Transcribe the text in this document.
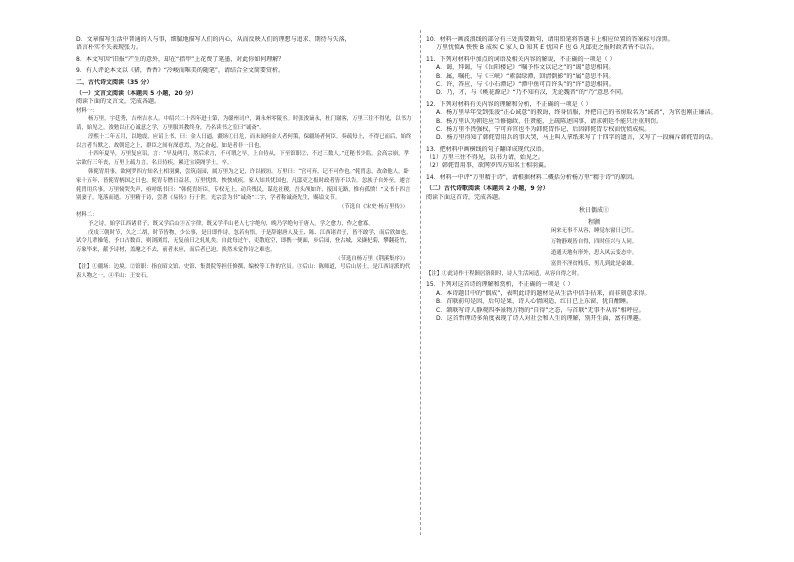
D．文章描写生活中普通的人与事，细腻地描写人们的内心，从而反映人们的理想与追求、期待与失落，
语言朴实不失表现张力。
8．本文写因“旧报”产生的意外，却在“指甲”上花费了笔墨，对此你如何理解？
9．有人评论本文以《猪，香香》“冷峻而唯美的随笔”，请结合全文简要赏析。
二、古代诗文阅读（35 分）
（一）文言文阅读（本题共 5 小题，20 分）
阅读下面的文言文，完成各题。
材料一：

杨万里，字廷秀，吉州吉水人。中绍兴二十四年进士第，为赣州司户，调永州零陵丞。时张浚谪永，杜门谢客，万里三往不得见，以书力请，始见之。浚勉以正心诚意之学，万里服其教终身，乃名读书之室曰“诚斋”。

淳熙十二年五月，以地震，应诏上书，曰：金人日逼，疆场①日危，而未闻何金人者何策，保疆场者何臣。奏疏每上，不得已而后，始终以言者当默之，故朝廷之上，群臣之间有深意焉，为之奋起，如是者非一日也。

十四年夏旱，万里复应诏，言：“旱及两月，然后求言，不可谓之早，上自侍从，下至馆职②，不过三数人。”迁秘书少监。会高宗崩，孝宗欲行三年丧，万里上疏力言，名日侍疾，累迁宝谟阁学士，卒。

韩侂胄用事，欲网罗四方知名士相羽翼，尝筑南园，属万里为之记，许以掖垣。万里曰：“官可弃，记不可作也。”侂胄恚，改命他人。卧家十五年，皆侂胄柄国之日也。侂胄专僭日益甚，万里忧愤，怏怏成疾。家人知其忧国也，凡邸吏之报时政者皆不以告。忽族子自外至，遽言侂胄用兵事。万里恸哭失声，亟呼纸书曰：“韩侂胄奸臣，专权无上，动兵残民，谋危社稷，吾头颅如许，报国无路，惟有孤愤！”又书十四言别妻子，笔落而逝。万里精于诗，尝著《易传》行于世。光宗尝为书“诚斋”二字，学者称诚斋先生，赐谥文节。

（节选自《宋史·杨万里传》）
材料二：

予之诗，始学江西诸君子，既又学后山③五字律，既又学半山老人七字绝句，晚乃学绝句于唐人。学之愈力，作之愈寡。

戊戌三朝时节，久之二胡，时节皆物，少公事，是日即作诗，忽若有悟，于是辞谢唐人及王、陈、江西诸君子，皆不敢学，而后欣如也。试令儿辈操笔，予口占数首，则浏浏焉，无复前日之轧轧矣。自此每过午，吏散庭空，即携一便面，步后园，登古城，采撷杞菊，攀翻花竹，万象毕来，献予诗材，盖麾之不去，前者未应，而后者已迫，涣然未觉作诗之难也。

（节选自杨万里《荆溪集序》）

【注】①疆场：边境。②馆职：指在昭文馆、史馆、集贤院等担任修撰、编校等工作的官员。③后山：陈师道，号后山居士，是江西诗派的代表人物之一。④半山：王安石。

10．材料一画波浪线的部分有三处需要断句，请用铅笔将答题卡上相应位置的答案标号涂黑。
万里忧愤A 怏怏 B 成疾 C 家人 D 知其 E 忧国 F 也 G 凡邸吏之报时政者皆不以告。
11．下列对材料中加点的词语及相关内容的解说，不正确的一项是（ ）
A．谒，拜谒，与《岳阳楼记》“嘱予作文以记之”的“谒”意思相同。
B．属，嘱托，与《三峡》“素湍绿潭，回清倒影”的“属”意思不同。
C．许，答应，与《小石潭记》“潭中鱼可百许头”的“许”意思相同。
D．乃，才，与《桃花源记》“乃不知有汉，无论魏晋”的“乃”意思不同。
12．下列对材料有关内容的理解和分析，不正确的一项是（ ）
A．杨万里早年受到张浚“正心诚意”的教诲，终身信服，并把自己的书房取名为“诚斋”，为官也刚正廉洁。
B．杨万里认为朝廷应当修德政、任贤能，上疏陈述国事，请求朝廷不能只注重刑罚。
C．杨万里不畏强权，宁可弃官也不为韩侂胄作记，后因韩侂胄专权而忧愤成疾。
D．杨万里得知了韩侂胄用兵的事大哭，马上叫人拿纸来写了十四字的遗言，又写了一段痛斥韩侂胄的话。
13．把材料中画横线的句子翻译成现代汉语。
（1）万里三往不得见，以书力请，始见之。
（2）韩侂胄用事，欲网罗四方知名士相羽翼。
14．材料一中评“万里精于诗”，请根据材料二概括分析杨万里“精于诗”的原因。
（二）古代诗歌阅读（本题共 2 小题，9 分）
阅读下面这首诗，完成各题。
秋日偶成①
程颢
闲来无事不从容，睡觉东窗日已红。
万物静观皆自得，四时佳兴与人同。
道通天地有形外，思入风云变态中。
富贵不淫贫贱乐，男儿到此是豪雄。
【注】①此诗作于程颢居洛阳时，诗人生活闲适，从容自得之时。
15．下列对这首诗的理解和赏析，不正确的一项是（ ）
A．本诗题目中的“偶成”，表明此诗的题材是从生活中信手拈来，而非刻意求得。
B．首联前句是因，后句是果，诗人心情闲适，红日已上东窗，犹自酣睡。
C．颔联写诗人静观四季景物万物的“自得”之态，与首联“无事不从容”相呼应。
D．这首哲理诗多角度表现了诗人对社会和人生的理解，别开生面，富有理趣。
